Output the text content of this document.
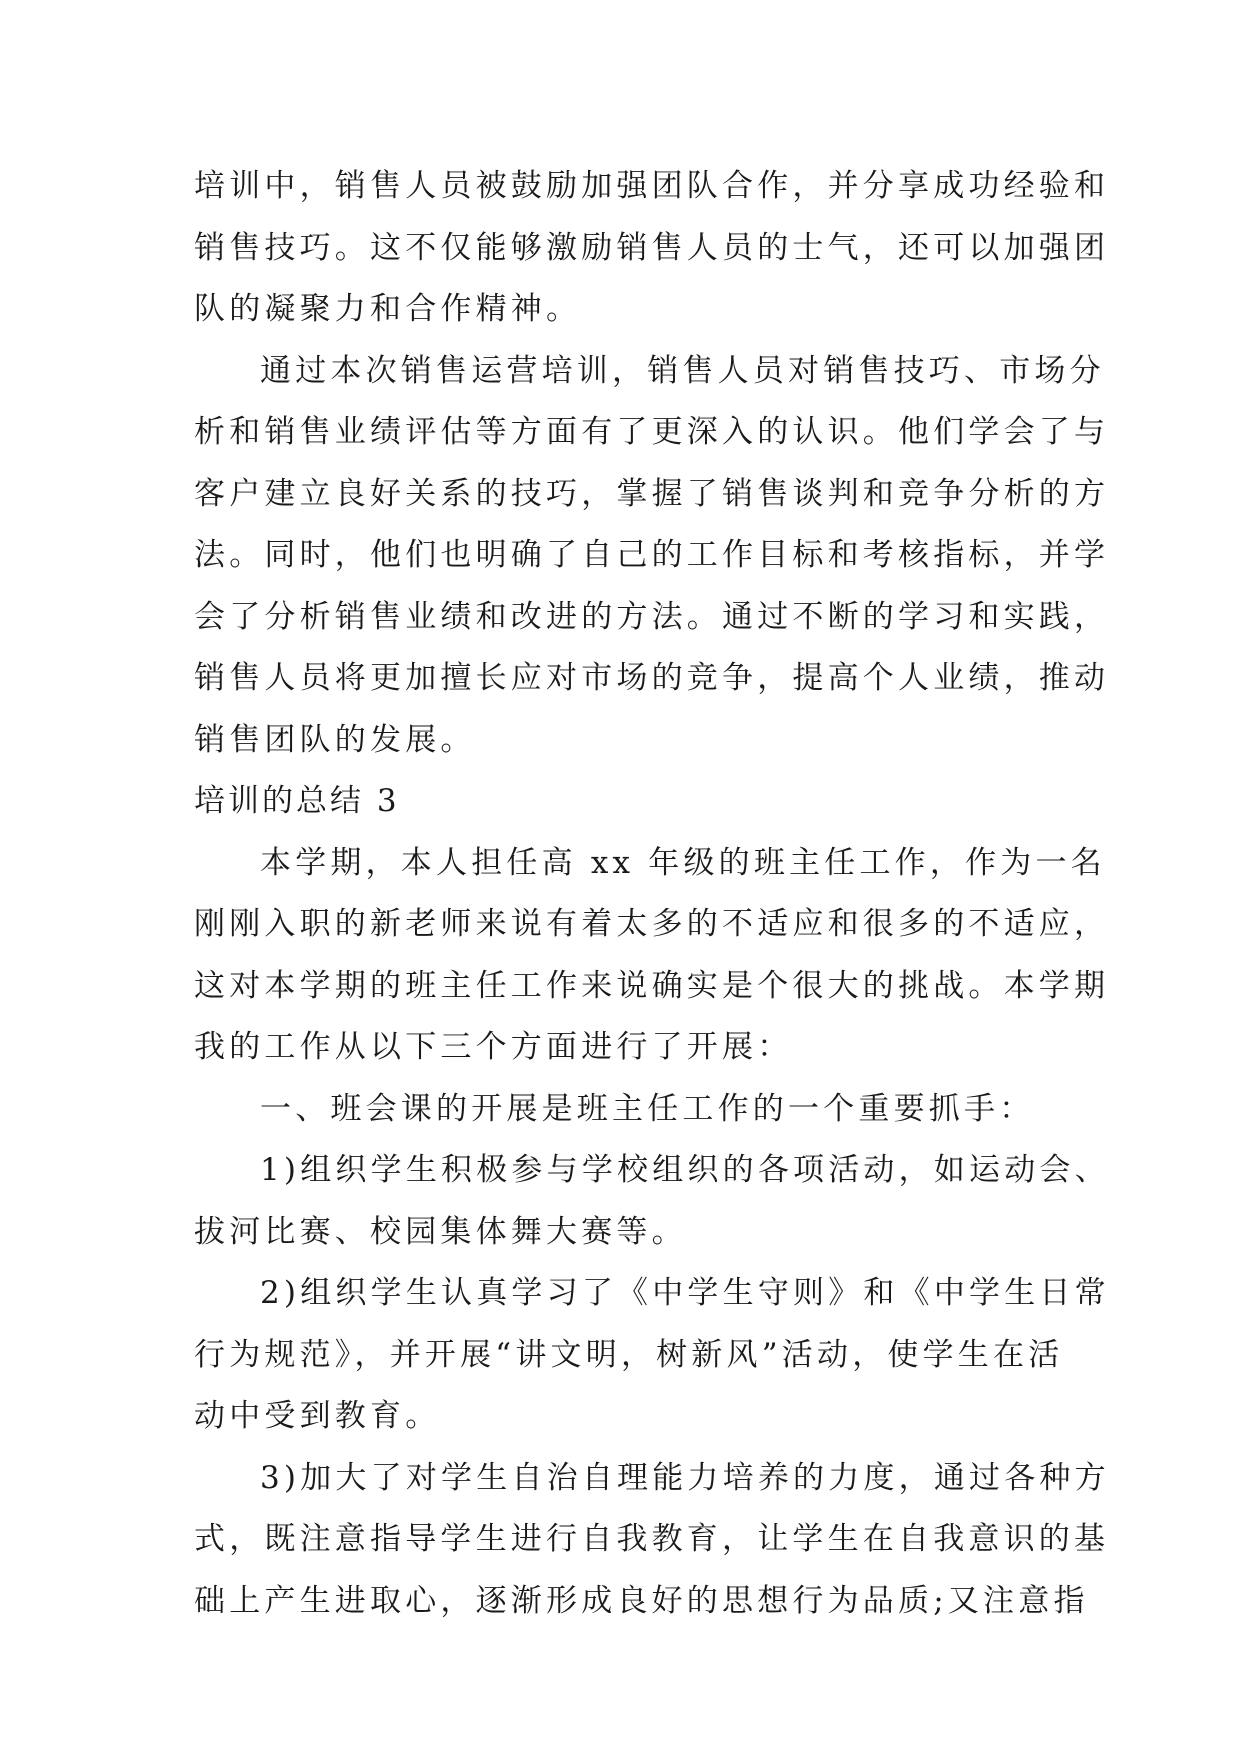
培训中，销售人员被鼓励加强团队合作，并分享成功经验和
销售技巧。这不仅能够激励销售人员的士气，还可以加强团
队的凝聚力和合作精神。
通过本次销售运营培训，销售人员对销售技巧、市场分
析和销售业绩评估等方面有了更深入的认识。他们学会了与
客户建立良好关系的技巧，掌握了销售谈判和竞争分析的方
法。同时，他们也明确了自己的工作目标和考核指标，并学
会了分析销售业绩和改进的方法。通过不断的学习和实践，
销售人员将更加擅长应对市场的竞争，提高个人业绩，推动
销售团队的发展。
培训的总结 3
本学期，本人担任高 xx 年级的班主任工作，作为一名
刚刚入职的新老师来说有着太多的不适应和很多的不适应，
这对本学期的班主任工作来说确实是个很大的挑战。本学期
我的工作从以下三个方面进行了开展：
一、班会课的开展是班主任工作的一个重要抓手：
1)组织学生积极参与学校组织的各项活动，如运动会、
拔河比赛、校园集体舞大赛等。
2)组织学生认真学习了《中学生守则》和《中学生日常
行为规范》，并开展“讲文明，树新风”活动，使学生在活
动中受到教育。
3)加大了对学生自治自理能力培养的力度，通过各种方
式，既注意指导学生进行自我教育，让学生在自我意识的基
础上产生进取心，逐渐形成良好的思想行为品质;又注意指
